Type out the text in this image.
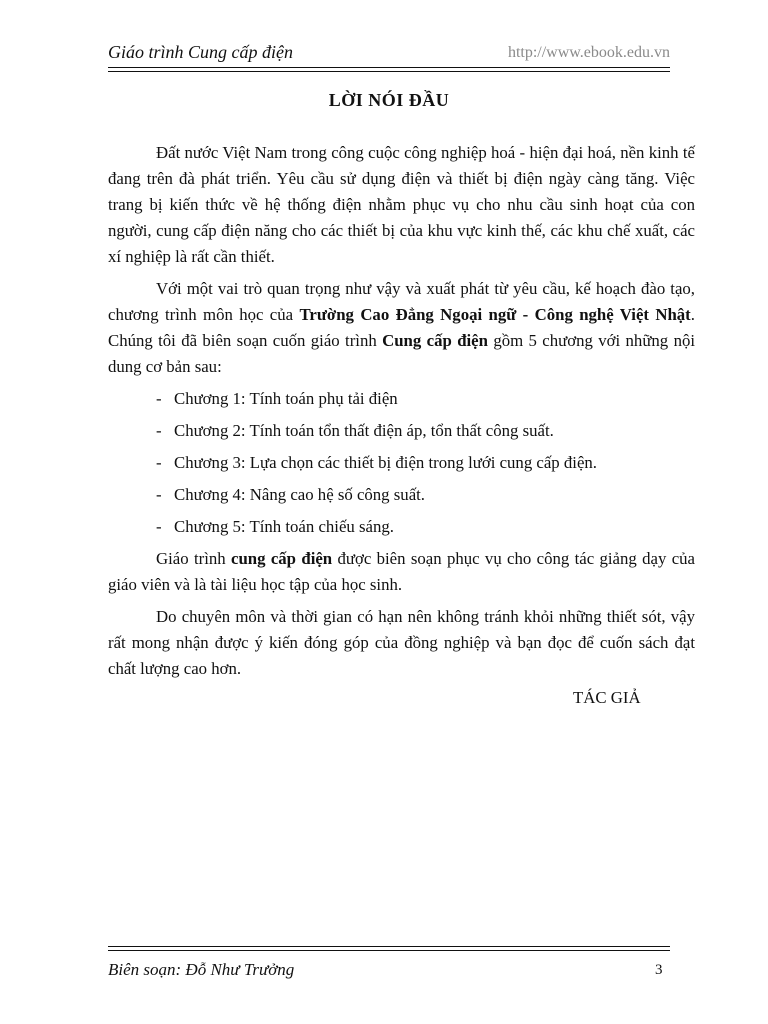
Giáo trình Cung cấp điện	http://www.ebook.edu.vn
LỜI NÓI ĐẦU

Đất nước Việt Nam trong công cuộc công nghiệp hoá - hiện đại hoá, nền kinh tế đang trên đà phát triển. Yêu cầu sử dụng điện và thiết bị điện ngày càng tăng. Việc trang bị kiến thức về hệ thống điện nhằm phục vụ cho nhu cầu sinh hoạt của con người, cung cấp điện năng cho các thiết bị của khu vực kinh thế, các khu chế xuất, các xí nghiệp là rất cần thiết.

Với một vai trò quan trọng như vậy và xuất phát từ yêu cầu, kế hoạch đào tạo, chương trình môn học của Trường Cao Đẳng Ngoại ngữ - Công nghệ Việt Nhật. Chúng tôi đã biên soạn cuốn giáo trình Cung cấp điện gồm 5 chương với những nội dung cơ bản sau:

- Chương 1: Tính toán phụ tải điện
- Chương 2: Tính toán tổn thất điện áp, tổn thất công suất.
- Chương 3: Lựa chọn các thiết bị điện trong lưới cung cấp điện.
- Chương 4: Nâng cao hệ số công suất.
- Chương 5: Tính toán chiếu sáng.

Giáo trình cung cấp điện được biên soạn phục vụ cho công tác giảng dạy của giáo viên và là tài liệu học tập của học sinh.

Do chuyên môn và thời gian có hạn nên không tránh khỏi những thiết sót, vậy rất mong nhận được ý kiến đóng góp của đồng nghiệp và bạn đọc để cuốn sách đạt chất lượng cao hơn.

TÁC GIẢ
Biên soạn: Đỗ Như Trưởng	3
